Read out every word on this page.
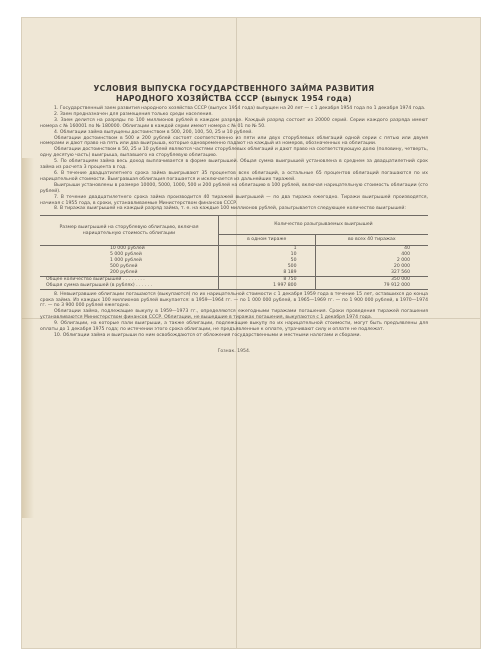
УСЛОВИЯ ВЫПУСКА ГОСУДАРСТВЕННОГО ЗАЙМА РАЗВИТИЯ
НАРОДНОГО ХОЗЯЙСТВА СССР (выпуск 1954 года)

1. Государственный заем развития народного хозяйства СССР (выпуск 1954 года) выпущен на 20 лет — с 1 декабря 1954 года по 1 декабря 1974 года.

2. Заем предназначен для размещения только среди населения.

3. Заем делится на разряды по 100 миллионов рублей в каждом разряде. Каждый разряд состоит из 20000 серий. Серии каждого разряда имеют номера с № 160001 по № 180000. Облигации в каждой серии имеют номера с № 01 по № 50.

4. Облигации займа выпущены достоинством в 500, 200, 100, 50, 25 и 10 рублей.

Облигации достоинством в 500 и 200 рублей состоят соответственно из пяти или двух сторублевых облигаций одной серии с пятью или двумя номерами и дают право на пять или два выигрыша, которые одновременно падают на каждый из номеров, обозначенных на облигации.

Облигации достоинством в 50, 25 и 10 рублей являются частями сторублевых облигаций и дают право на соответствующую долю (половину, четверть, одну десятую часть) выигрыша, выпавшего на сторублевую облигацию.

5. По облигациям займа весь доход выплачивается в форме выигрышей. Общая сумма выигрышей установлена в среднем за двадцатилетний срок займа из расчета 3 процента в год.

6. В течение двадцатилетнего срока займа выигрывают 35 процентов всех облигаций, а остальные 65 процентов облигаций погашаются по их нарицательной стоимости. Выигравшая облигация погашается и исключается из дальнейших тиражей.

Выигрыши установлены в размере 10000, 5000, 1000, 500 и 200 рублей на облигацию в 100 рублей, включая нарицательную стоимость облигации (сто рублей).

7. В течение двадцатилетнего срока займа производится 40 тиражей выигрышей — по два тиража ежегодно. Тиражи выигрышей производятся, начиная с 1955 года, в сроки, устанавливаемые Министерством финансов СССР.

8. В тиражах выигрышей на каждый разряд займа, т. е. на каждые 100 миллионов рублей, разыгрывается следующее количество выигрышей:

Размер выигрышей на сторублевую облигацию, включая нарицательную стоимость облигации	Количество разыгрываемых выигрышей	
	в одном тираже	во всех 40 тиражах
10 000 рублей	1	40
5 000 рублей	10	400
1 000 рублей	50	2 000
500 рублей	500	20 000
200 рублей	8 189	327 560
Общее количество выигрышей . . . . . . . .	8 750	350 000
Общая сумма выигрышей (в рублях) . . . . . .	1 997 800	79 912 000

8. Невыигравшие облигации погашаются (выкупаются) по их нарицательной стоимости с 1 декабря 1959 года в течение 15 лет, оставшихся до конца срока займа. Из каждых 100 миллионов рублей выкупается: в 1959—1964 гг. — по 1 000 000 рублей, в 1965—1969 гг. — по 1 900 000 рублей, в 1970—1974 гг. — по 3 900 000 рублей ежегодно.

Облигации займа, подлежащие выкупу в 1959—1973 гг., определяются ежегодными тиражами погашения. Сроки проведения тиражей погашения устанавливаются Министерством финансов СССР. Облигации, не вышедшие в тиражах погашения, выкупаются с 1 декабря 1974 года.

9. Облигации, на которые пали выигрыши, а также облигации, подлежащие выкупу по их нарицательной стоимости, могут быть предъявлены для оплаты до 1 декабря 1975 года; по истечении этого срока облигации, не предъявленные к оплате, утрачивают силу и оплате не подлежат.

10. Облигации займа и выигрыши по ним освобождаются от обложения государственными и местными налогами и сборами.

Гознак. 1954.
